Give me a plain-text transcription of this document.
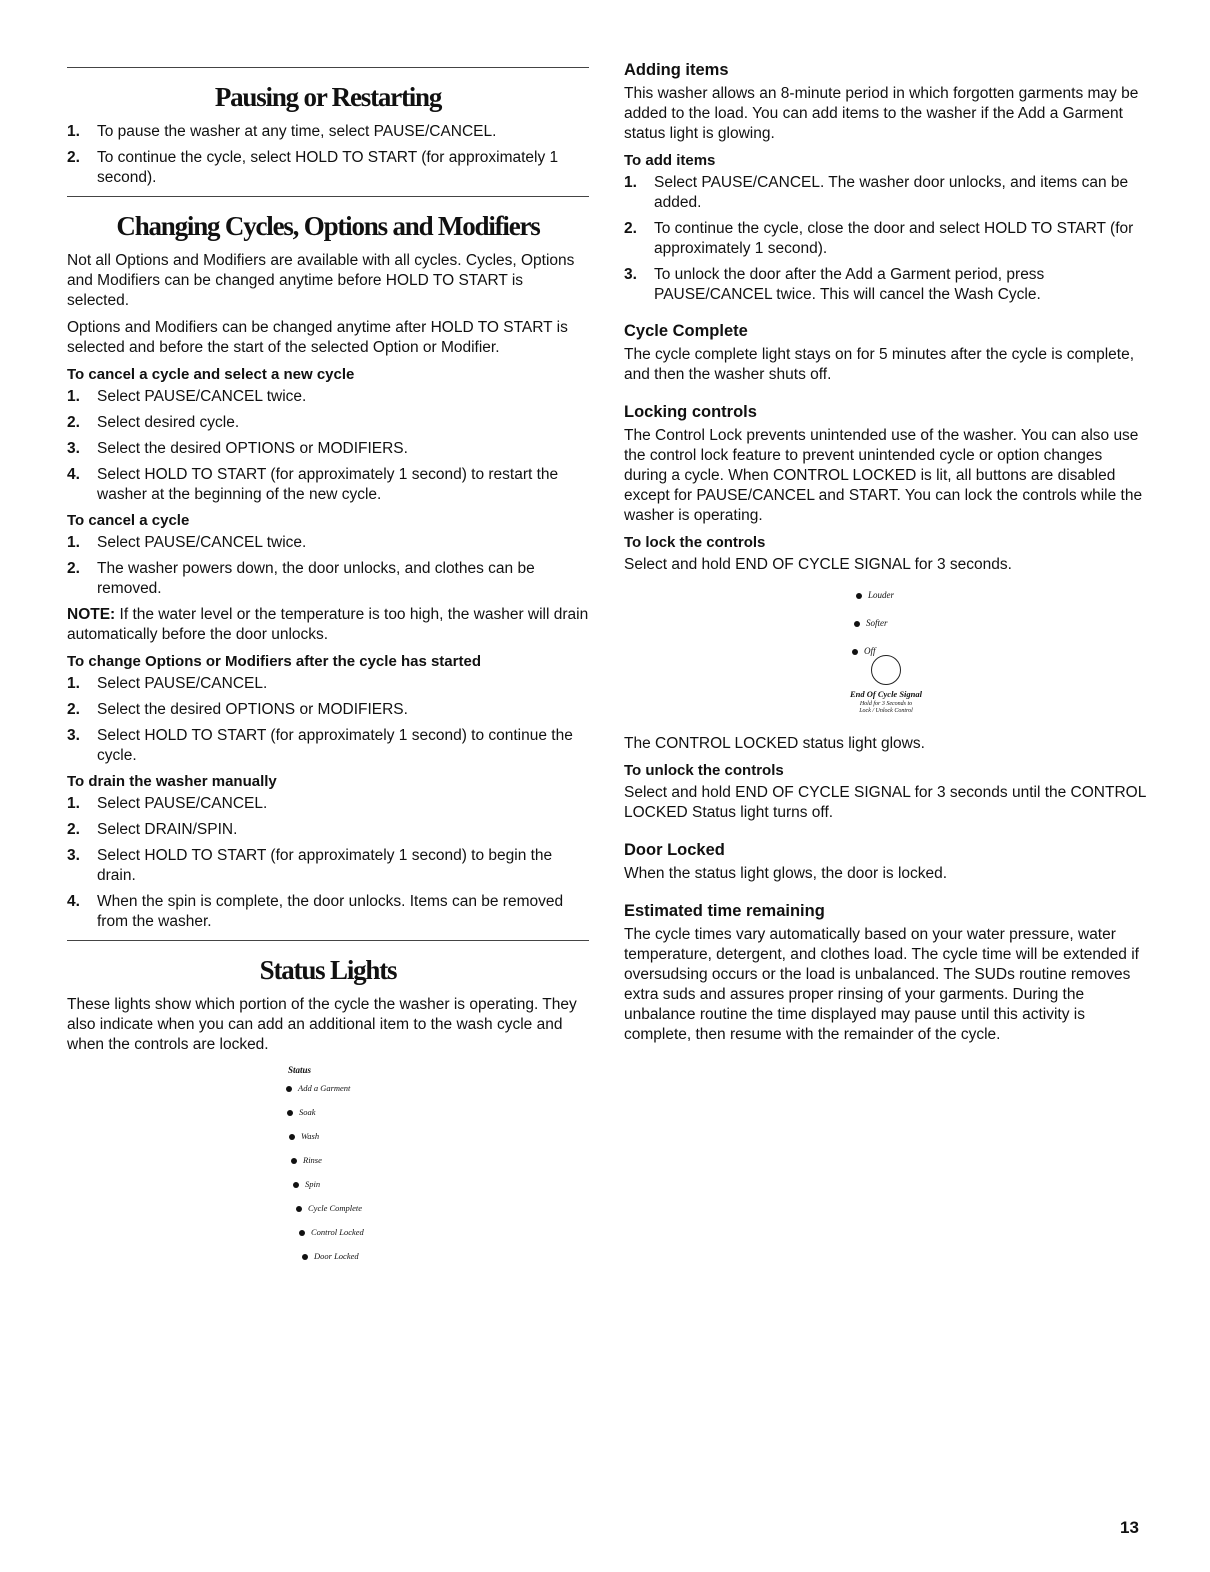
Pausing or Restarting
1. To pause the washer at any time, select PAUSE/CANCEL.
2. To continue the cycle, select HOLD TO START (for approximately 1 second).
Changing Cycles, Options and Modifiers

Not all Options and Modifiers are available with all cycles. Cycles, Options and Modifiers can be changed anytime before HOLD TO START is selected.

Options and Modifiers can be changed anytime after HOLD TO START is selected and before the start of the selected Option or Modifier.

To cancel a cycle and select a new cycle
1. Select PAUSE/CANCEL twice.
2. Select desired cycle.
3. Select the desired OPTIONS or MODIFIERS.
4. Select HOLD TO START (for approximately 1 second) to restart the washer at the beginning of the new cycle.
To cancel a cycle
1. Select PAUSE/CANCEL twice.
2. The washer powers down, the door unlocks, and clothes can be removed.

NOTE: If the water level or the temperature is too high, the washer will drain automatically before the door unlocks.

To change Options or Modifiers after the cycle has started
1. Select PAUSE/CANCEL.
2. Select the desired OPTIONS or MODIFIERS.
3. Select HOLD TO START (for approximately 1 second) to continue the cycle.
To drain the washer manually
1. Select PAUSE/CANCEL.
2. Select DRAIN/SPIN.
3. Select HOLD TO START (for approximately 1 second) to begin the drain.
4. When the spin is complete, the door unlocks. Items can be removed from the washer.
Status Lights

These lights show which portion of the cycle the washer is operating. They also indicate when you can add an additional item to the wash cycle and when the controls are locked.

Status
Add a Garment
Soak
Wash
Rinse
Spin
Cycle Complete
Control Locked
Door Locked
Adding items

This washer allows an 8-minute period in which forgotten garments may be added to the load. You can add items to the washer if the Add a Garment status light is glowing.

To add items
1. Select PAUSE/CANCEL. The washer door unlocks, and items can be added.
2. To continue the cycle, close the door and select HOLD TO START (for approximately 1 second).
3. To unlock the door after the Add a Garment period, press PAUSE/CANCEL twice. This will cancel the Wash Cycle.
Cycle Complete

The cycle complete light stays on for 5 minutes after the cycle is complete, and then the washer shuts off.

Locking controls

The Control Lock prevents unintended use of the washer. You can also use the control lock feature to prevent unintended cycle or option changes during a cycle. When CONTROL LOCKED is lit, all buttons are disabled except for PAUSE/CANCEL and START. You can lock the controls while the washer is operating.

To lock the controls

Select and hold END OF CYCLE SIGNAL for 3 seconds.

Louder
Softer
Off
End Of Cycle Signal
Hold for 3 Seconds to
Lock / Unlock Control

The CONTROL LOCKED status light glows.

To unlock the controls

Select and hold END OF CYCLE SIGNAL for 3 seconds until the CONTROL LOCKED Status light turns off.

Door Locked

When the status light glows, the door is locked.

Estimated time remaining

The cycle times vary automatically based on your water pressure, water temperature, detergent, and clothes load. The cycle time will be extended if oversudsing occurs or the load is unbalanced. The SUDs routine removes extra suds and assures proper rinsing of your garments. During the unbalance routine the time displayed may pause until this activity is complete, then resume with the remainder of the cycle.

13
